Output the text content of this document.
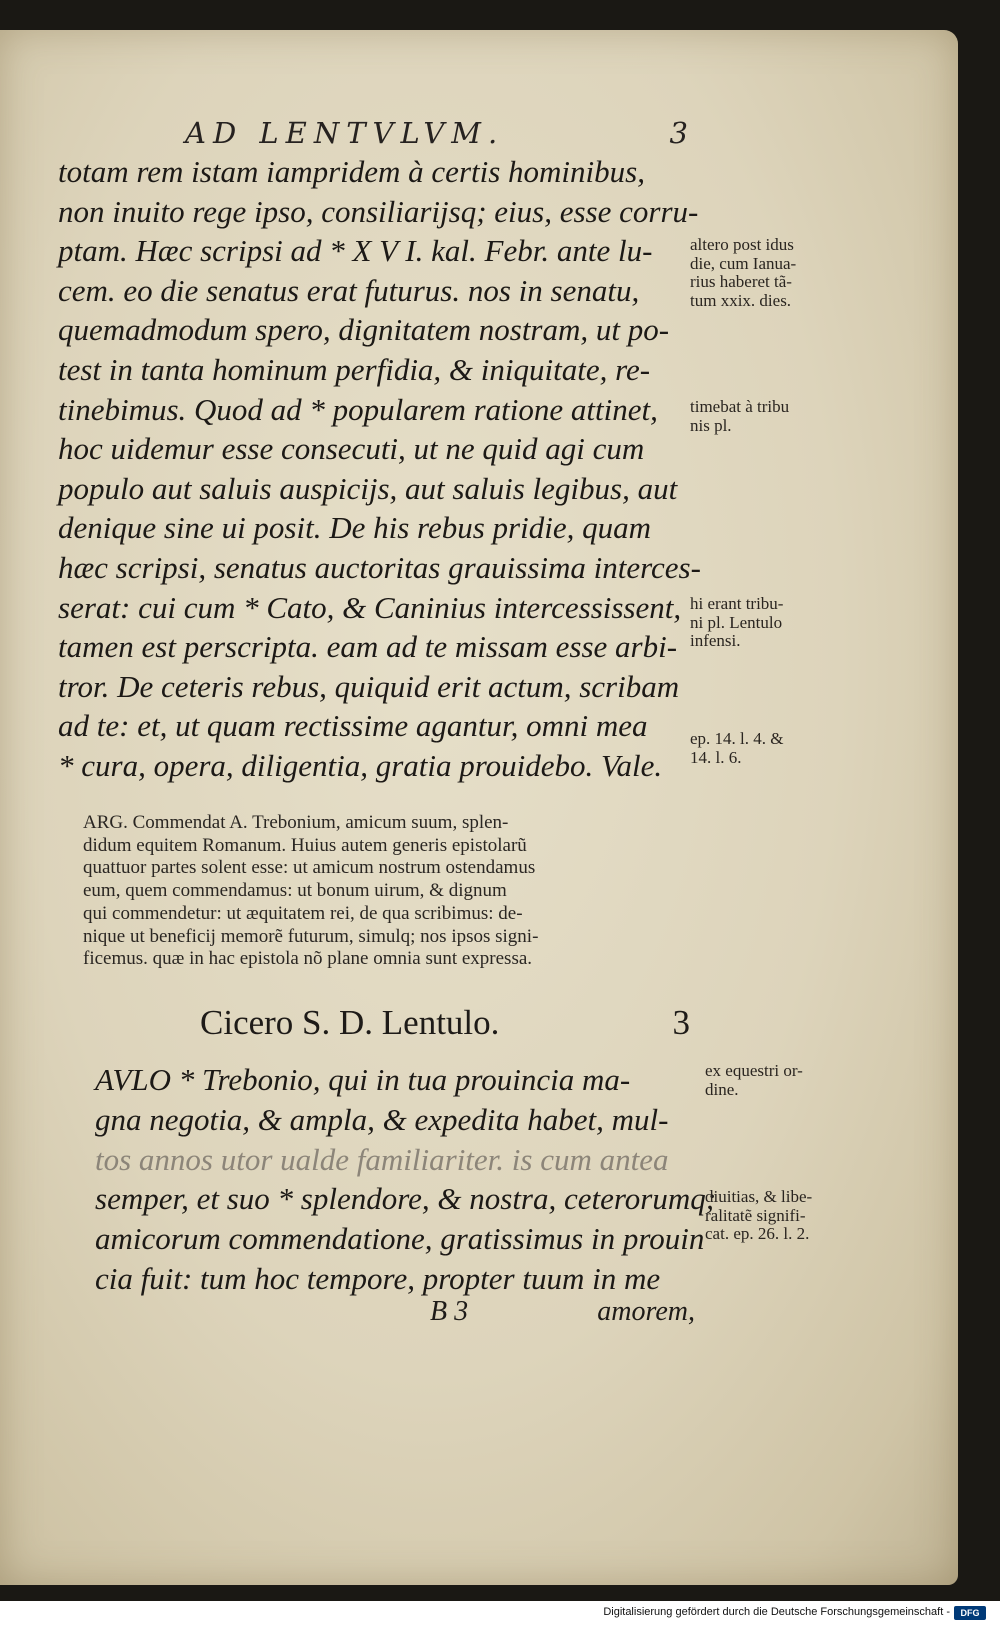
AD LENTVLVM.	3
totam rem istam iampridem à certis hominibus,
non inuito rege ipso, consiliarijsq; eius, esse corru-
ptam. Hæc scripsi ad * X V I. kal. Febr. ante lu-
cem. eo die senatus erat futurus. nos in senatu,
quemadmodum spero, dignitatem nostram, ut po-
test in tanta hominum perfidia, & iniquitate, re-
tinebimus. Quod ad * popularem ratione attinet,
hoc uidemur esse consecuti, ut ne quid agi cum
populo aut saluis auspicijs, aut saluis legibus, aut
denique sine ui posit. De his rebus pridie, quam
hæc scripsi, senatus auctoritas grauissima interces-
serat: cui cum * Cato, & Caninius intercessissent,
tamen est perscripta. eam ad te missam esse arbi-
tror. De ceteris rebus, quiquid erit actum, scribam
ad te: et, ut quam rectissime agantur, omni mea
* cura, opera, diligentia, gratia prouidebo. Vale.
altero post idus
die, cum Ianua-
rius haberet tã-
tum xxix. dies.
timebat à tribu
nis pl.
hi erant tribu-
ni pl. Lentulo
infensi.
ep. 14. l. 4. &
14. l. 6.
ARG. Commendat A. Trebonium, amicum suum, splen-
didum equitem Romanum. Huius autem generis epistolarũ
quattuor partes solent esse: ut amicum nostrum ostendamus
eum, quem commendamus: ut bonum uirum, & dignum
qui commendetur: ut æquitatem rei, de qua scribimus: de-
nique ut beneficij memorẽ futurum, simulq; nos ipsos signi-
ficemus. quæ in hac epistola nõ plane omnia sunt expressa.
Cicero S. D. Lentulo.	3
AVLO * Trebonio, qui in tua prouincia ma-
gna negotia, & ampla, & expedita habet, mul-
tos annos utor ualde familiariter. is cum antea
semper, et suo * splendore, & nostra, ceterorumq;
amicorum commendatione, gratissimus in prouin
cia fuit: tum hoc tempore, propter tuum in me
ex equestri or-
dine.
diuitias, & libe-
ralitatẽ signifi-
cat. ep. 26. l. 2.
B 3	amorem,
Digitalisierung gefördert durch die Deutsche Forschungsgemeinschaft -	DFG
